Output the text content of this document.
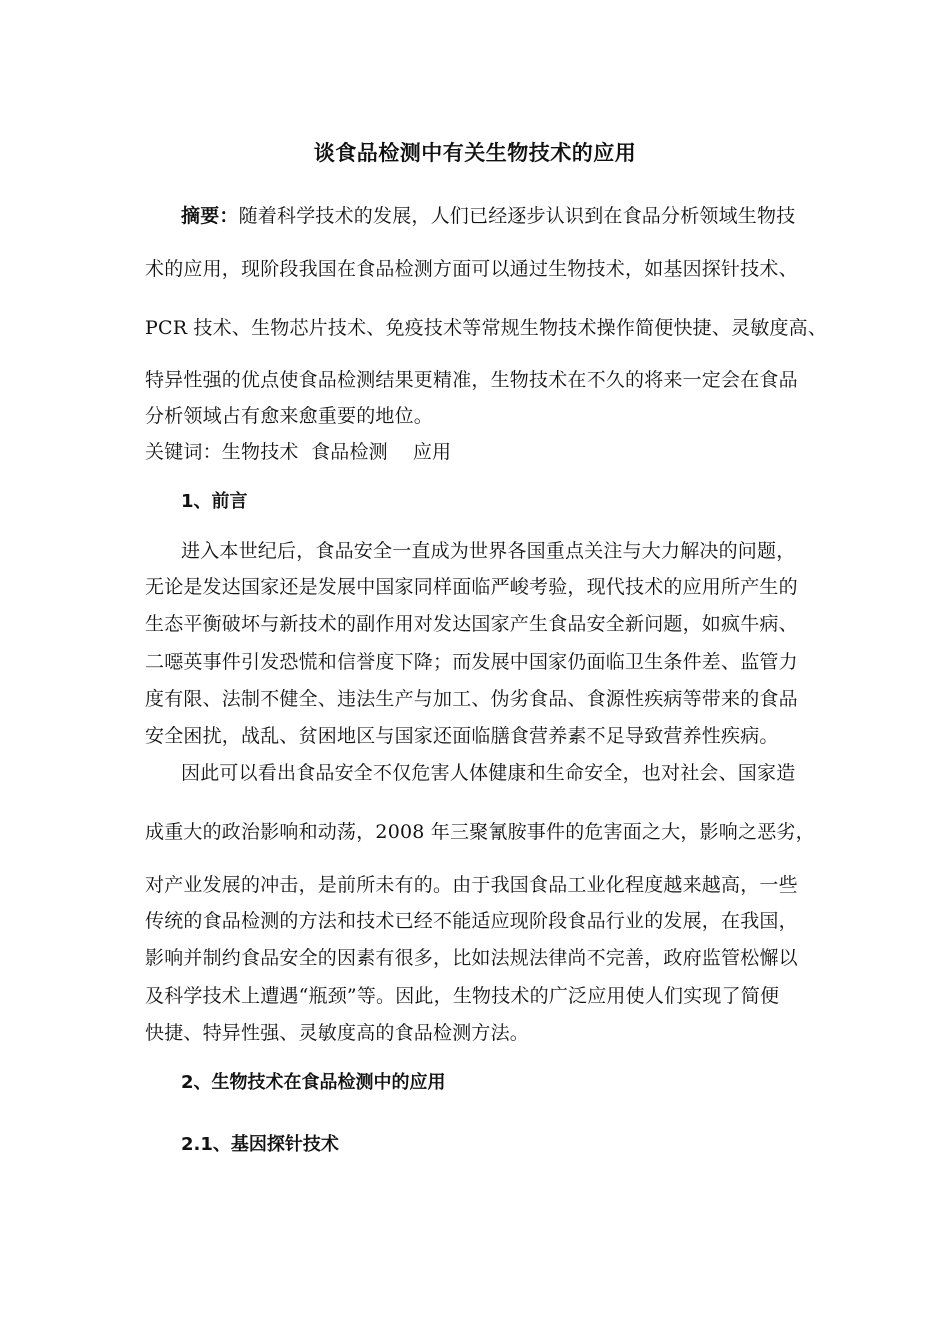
谈食品检测中有关生物技术的应用
摘要：随着科学技术的发展，人们已经逐步认识到在食品分析领域生物技
术的应用，现阶段我国在食品检测方面可以通过生物技术，如基因探针技术、
PCR 技术、生物芯片技术、免疫技术等常规生物技术操作简便快捷、灵敏度高、
特异性强的优点使食品检测结果更精准，生物技术在不久的将来一定会在食品
分析领域占有愈来愈重要的地位。
关键词：生物技术  食品检测    应用
1、前言
进入本世纪后，食品安全一直成为世界各国重点关注与大力解决的问题，
无论是发达国家还是发展中国家同样面临严峻考验，现代技术的应用所产生的
生态平衡破坏与新技术的副作用对发达国家产生食品安全新问题，如疯牛病、
二噁英事件引发恐慌和信誉度下降；而发展中国家仍面临卫生条件差、监管力
度有限、法制不健全、违法生产与加工、伪劣食品、食源性疾病等带来的食品
安全困扰，战乱、贫困地区与国家还面临膳食营养素不足导致营养性疾病。
因此可以看出食品安全不仅危害人体健康和生命安全，也对社会、国家造
成重大的政治影响和动荡，2008 年三聚氰胺事件的危害面之大，影响之恶劣，
对产业发展的冲击，是前所未有的。由于我国食品工业化程度越来越高，一些
传统的食品检测的方法和技术已经不能适应现阶段食品行业的发展，在我国，
影响并制约食品安全的因素有很多，比如法规法律尚不完善，政府监管松懈以
及科学技术上遭遇“瓶颈”等。因此，生物技术的广泛应用使人们实现了简便
快捷、特异性强、灵敏度高的食品检测方法。
2、生物技术在食品检测中的应用
2.1、基因探针技术
